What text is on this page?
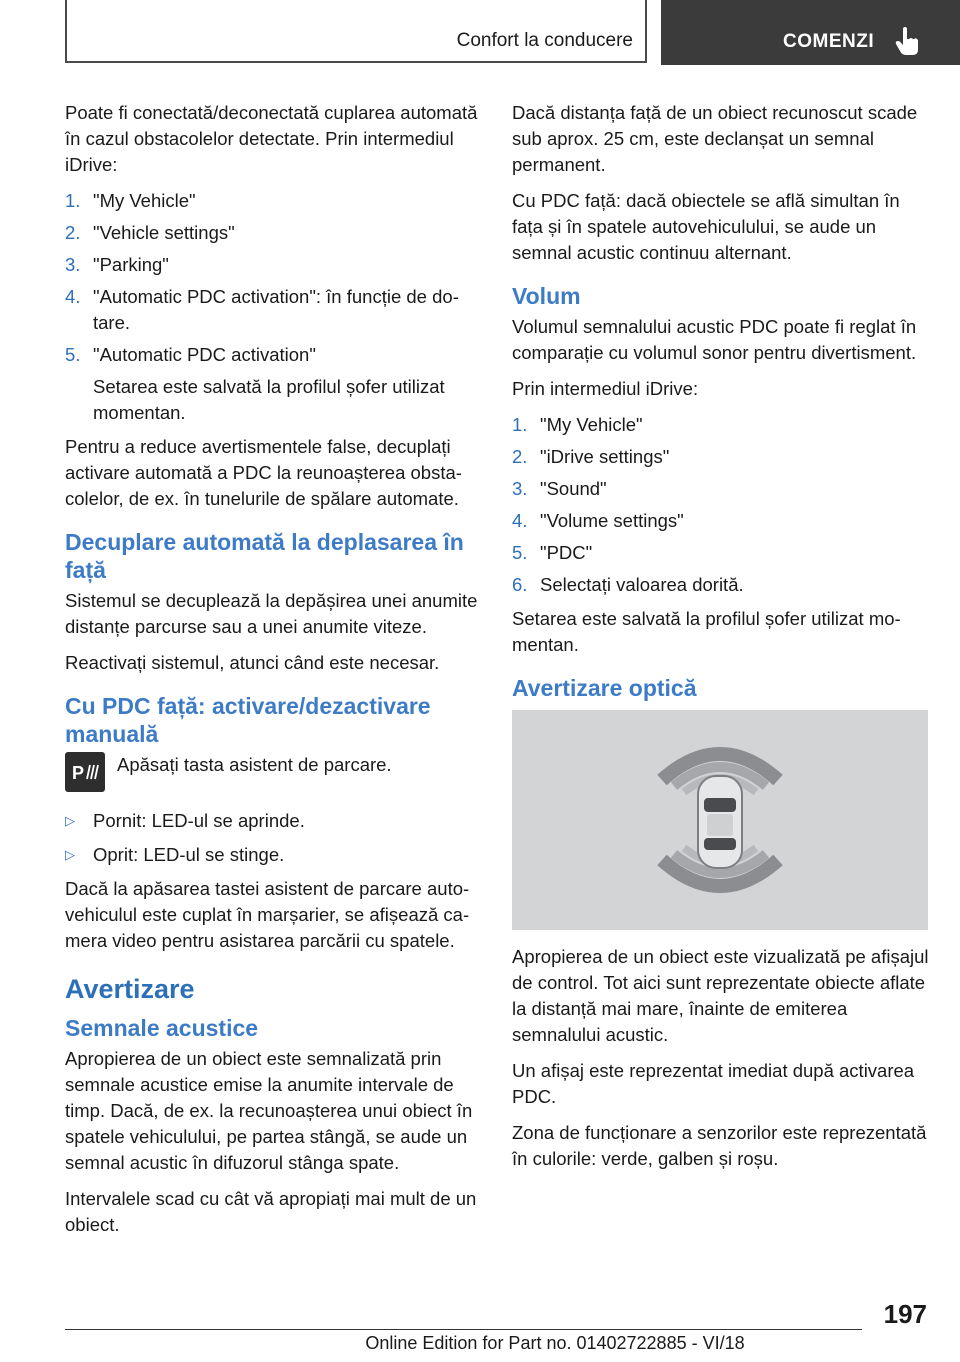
Confort la conducere	COMENZI

Poate fi conectată/deconectată cuplarea automată în cazul obstacolelor detectate. Prin intermediul iDrive:

1. "My Vehicle"
2. "Vehicle settings"
3. "Parking"
4. "Automatic PDC activation": în funcție de dotare.
5. "Automatic PDC activation"
Setarea este salvată la profilul șofer utilizat momentan.

Pentru a reduce avertismentele false, decuplați activare automată a PDC la reunoașterea obstacolelor, de ex. în tunelurile de spălare automate.

Decuplare automată la deplasarea în față

Sistemul se decuplează la depășirea unei anumite distanțe parcurse sau a unei anumite viteze.

Reactivați sistemul, atunci când este necesar.

Cu PDC față: activare/dezactivare manuală
P Apăsați tasta asistent de parcare.
▷ Pornit: LED-ul se aprinde.
▷ Oprit: LED-ul se stinge.

Dacă la apăsarea tastei asistent de parcare autovehiculul este cuplat în marșarier, se afișează camera video pentru asistarea parcării cu spatele.

Avertizare
Semnale acustice

Apropierea de un obiect este semnalizată prin semnale acustice emise la anumite intervale de timp. Dacă, de ex. la recunoașterea unui obiect în spatele vehiculului, pe partea stângă, se aude un semnal acustic în difuzorul stânga spate.

Intervalele scad cu cât vă apropiați mai mult de un obiect.

Dacă distanța față de un obiect recunoscut scade sub aprox. 25 cm, este declanșat un semnal permanent.

Cu PDC față: dacă obiectele se află simultan în fața și în spatele autovehiculului, se aude un semnal acustic continuu alternant.

Volum

Volumul semnalului acustic PDC poate fi reglat în comparație cu volumul sonor pentru divertisment.

Prin intermediul iDrive:

1. "My Vehicle"
2. "iDrive settings"
3. "Sound"
4. "Volume settings"
5. "PDC"
6. Selectați valoarea dorită.

Setarea este salvată la profilul șofer utilizat momentan.

Avertizare optică

Apropierea de un obiect este vizualizată pe afișajul de control. Tot aici sunt reprezentate obiecte aflate la distanță mai mare, înainte de emiterea semnalului acustic.

Un afișaj este reprezentat imediat după activarea PDC.

Zona de funcționare a senzorilor este reprezentată în culorile: verde, galben și roșu.

197
Online Edition for Part no. 01402722885 - VI/18
